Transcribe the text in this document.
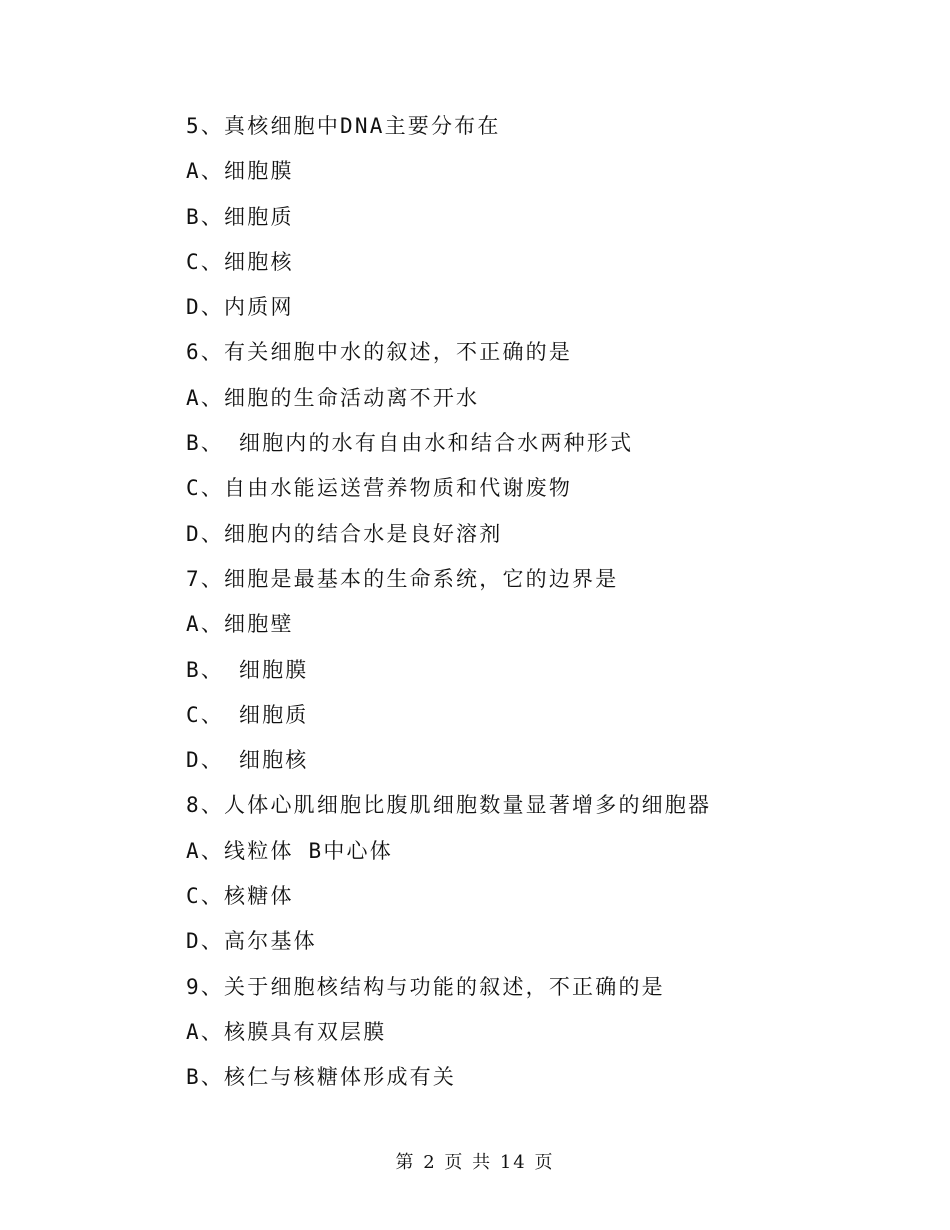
5、真核细胞中DNA主要分布在
A、细胞膜
B、细胞质
C、细胞核
D、内质网
6、有关细胞中水的叙述，不正确的是
A、细胞的生命活动离不开水
B、 细胞内的水有自由水和结合水两种形式
C、自由水能运送营养物质和代谢废物
D、细胞内的结合水是良好溶剂
7、细胞是最基本的生命系统，它的边界是
A、细胞壁
B、 细胞膜
C、 细胞质
D、 细胞核
8、人体心肌细胞比腹肌细胞数量显著增多的细胞器
A、线粒体 B中心体
C、核糖体
D、高尔基体
9、关于细胞核结构与功能的叙述，不正确的是
A、核膜具有双层膜
B、核仁与核糖体形成有关
第 2 页 共 14 页
